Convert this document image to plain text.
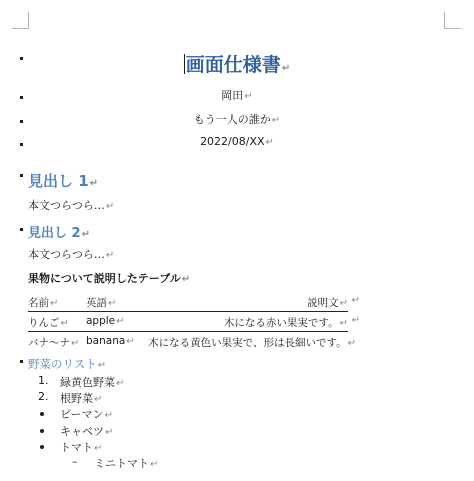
画面仕様書↵
岡田↵
もう一人の誰か↵
2022/08/XX↵
見出し 1↵
本文つらつら…↵
見出し 2↵
本文つらつら…↵
果物について説明したテーブル↵
名前↵	英語↵	説明文↵ ↵
りんご↵ apple↵	木になる赤い果実です。↵ ↵
バナ～ナ↵ banana↵ 木になる黄色い果実で、形は長細いです。↵
野菜のリスト↵
1. 緑黄色野菜↵
2. 根野菜↵
ピーマン↵
キャベツ↵
トマト↵
– ミニトマト↵
